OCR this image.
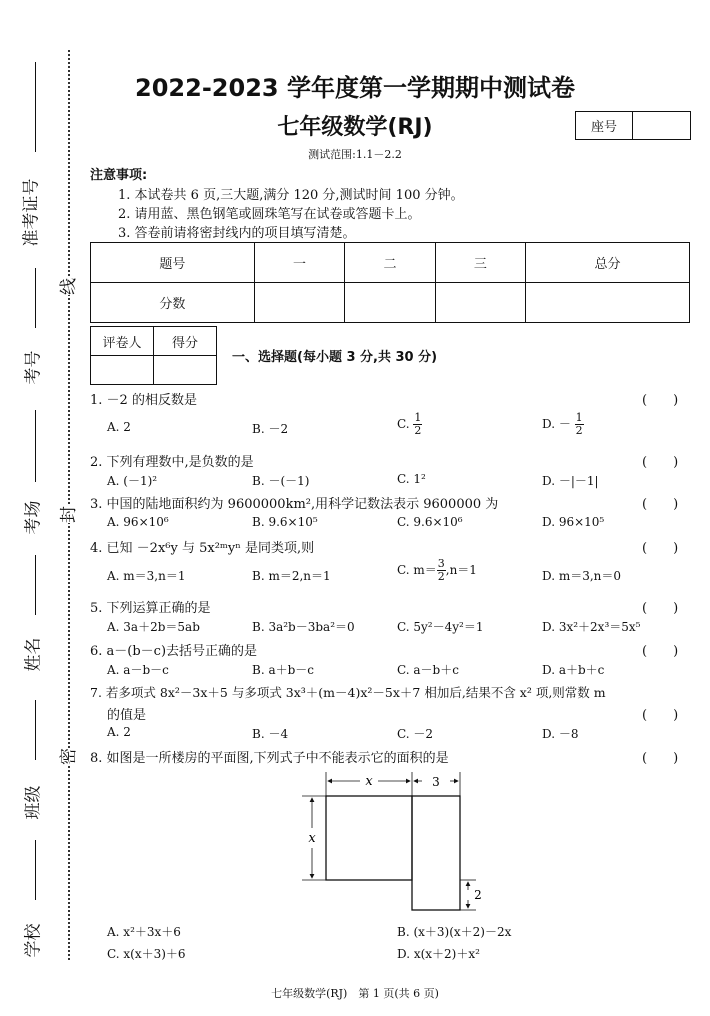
准考证号
考号
考场
姓名
班级
学校
线
封
密
2022-2023 学年度第一学期期中测试卷
七年级数学(RJ)	座号
测试范围:1.1－2.2
注意事项:
1. 本试卷共 6 页,三大题,满分 120 分,测试时间 100 分钟。
2. 请用蓝、黑色钢笔或圆珠笔写在试卷或答题卡上。
3. 答卷前请将密封线内的项目填写清楚。
题号	一	二	三	总分
分数				
评卷人	得分

一、选择题(每小题 3 分,共 30 分)
1. －2 的相反数是	(　　)
A. 2	B. －2	C. $\frac{1}{2}$	D. － $\frac{1}{2}$
2. 下列有理数中,是负数的是	(　　)
A. (－1)²	B. －(－1)	C. 1²	D. －|－1|
3. 中国的陆地面积约为 9600000km²,用科学记数法表示 9600000 为	(　　)
A. 96×10⁶	B. 9.6×10⁵	C. 9.6×10⁶	D. 96×10⁵
4. 已知 －2x⁶y 与 5x²ᵐyⁿ 是同类项,则	(　　)
A. m＝3,n＝1	B. m＝2,n＝1	C. $m= \frac{3}{2} ,n=1$	D. m＝3,n＝0
5. 下列运算正确的是	(　　)
A. 3a＋2b＝5ab	B. 3a²b－3ba²＝0	C. 5y²－4y²＝1	D. 3x²＋2x³＝5x⁵
6. a－(b－c)去括号正确的是	(　　)
A. a－b－c	B. a＋b－c	C. a－b＋c	D. a＋b＋c
7. 若多项式 8x²－3x＋5 与多项式 3x³＋(m－4)x²－5x＋7 相加后,结果不含 x² 项,则常数 m
的值是	(　　)
A. 2	B. －4	C. －2	D. －8
8. 如图是一所楼房的平面图,下列式子中不能表示它的面积的是	(　　)
x	3
x
2
A. x²＋3x＋6	B. (x＋3)(x＋2)－2x
C. x(x＋3)＋6	D. x(x＋2)＋x²
七年级数学(RJ)　第 1 页(共 6 页)
